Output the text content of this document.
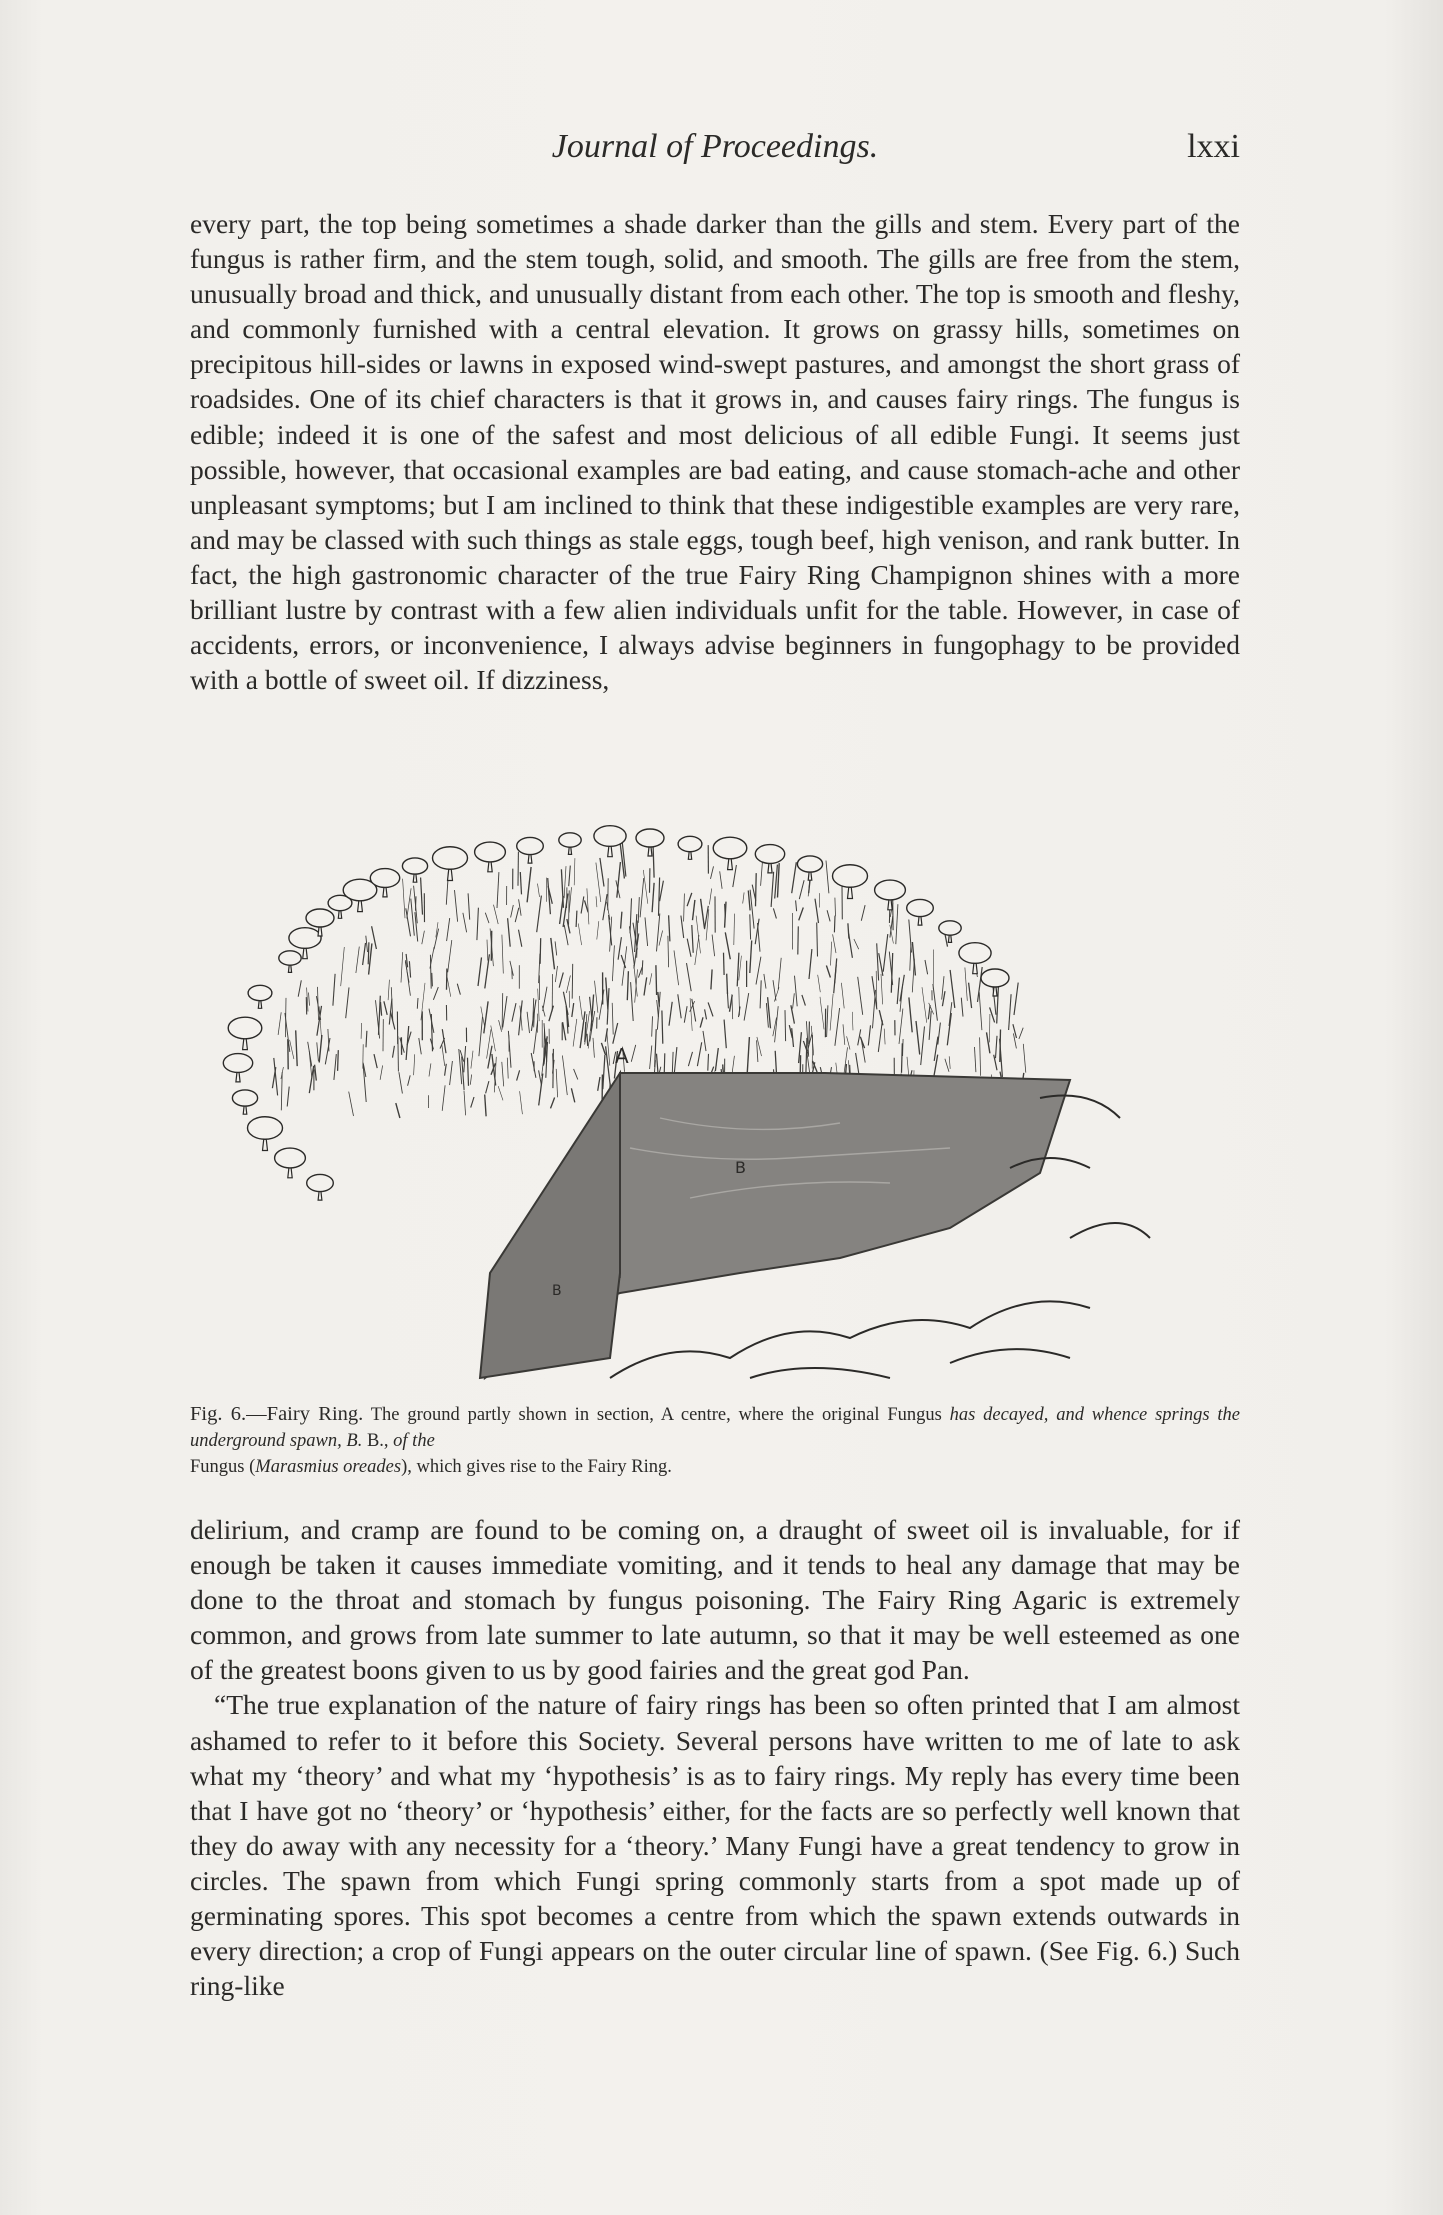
Journal of Proceedings.	lxxi

every part, the top being sometimes a shade darker than the gills and stem. Every part of the fungus is rather firm, and the stem tough, solid, and smooth. The gills are free from the stem, unusually broad and thick, and unusually distant from each other. The top is smooth and fleshy, and commonly furnished with a central elevation. It grows on grassy hills, sometimes on precipitous hill-sides or lawns in exposed wind-swept pastures, and amongst the short grass of roadsides. One of its chief characters is that it grows in, and causes fairy rings. The fungus is edible; indeed it is one of the safest and most delicious of all edible Fungi. It seems just possible, however, that occasional examples are bad eating, and cause stomach-ache and other unpleasant symptoms; but I am inclined to think that these indigestible examples are very rare, and may be classed with such things as stale eggs, tough beef, high venison, and rank butter. In fact, the high gastronomic character of the true Fairy Ring Champignon shines with a more brilliant lustre by contrast with a few alien individuals unfit for the table. However, in case of accidents, errors, or inconvenience, I always advise beginners in fungophagy to be provided with a bottle of sweet oil. If dizziness,

A
B
B
Fig. 6.—Fairy Ring. The ground partly shown in section, A centre, where the original Fungus has decayed, and whence springs the underground spawn, B. B., of the
Fungus (Marasmius oreades), which gives rise to the Fairy Ring.

delirium, and cramp are found to be coming on, a draught of sweet oil is invaluable, for if enough be taken it causes immediate vomiting, and it tends to heal any damage that may be done to the throat and stomach by fungus poisoning. The Fairy Ring Agaric is extremely common, and grows from late summer to late autumn, so that it may be well esteemed as one of the greatest boons given to us by good fairies and the great god Pan.

“The true explanation of the nature of fairy rings has been so often printed that I am almost ashamed to refer to it before this Society. Several persons have written to me of late to ask what my ‘theory’ and what my ‘hypothesis’ is as to fairy rings. My reply has every time been that I have got no ‘theory’ or ‘hypothesis’ either, for the facts are so perfectly well known that they do away with any necessity for a ‘theory.’ Many Fungi have a great tendency to grow in circles. The spawn from which Fungi spring commonly starts from a spot made up of germinating spores. This spot becomes a centre from which the spawn extends outwards in every direction; a crop of Fungi appears on the outer circular line of spawn. (See Fig. 6.) Such ring-like
